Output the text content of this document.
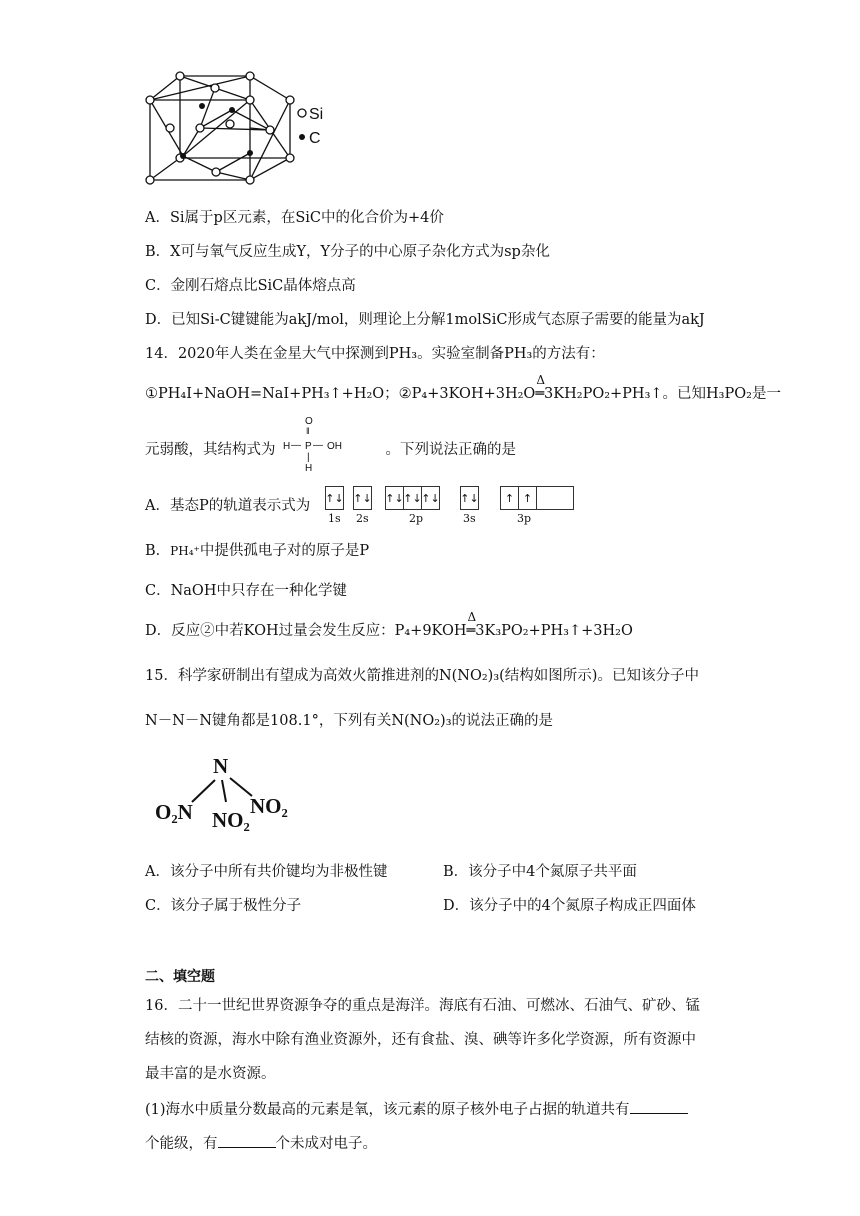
Si
C
A．Si属于p区元素，在SiC中的化合价为+4价
B．X可与氧气反应生成Y，Y分子的中心原子杂化方式为sp杂化
C．金刚石熔点比SiC晶体熔点高
D．已知Si-C键键能为akJ/mol，则理论上分解1molSiC形成气态原子需要的能量为akJ
14．2020年人类在金星大气中探测到PH₃。实验室制备PH₃的方法有：
①PH₄I+NaOH=NaI+PH₃↑+H₂O；②P₄+3KOH+3H₂O
Δ
═3KH₂PO₂+PH₃↑。已知H₃PO₂是一
元弱酸，其结构式为	。下列说法正确的是
O
‖
H — P — OH
|
H
A．基态P的轨道表示式为 ↑↓ ↑↓ ↑↓ ↑↓ ↑↓ ↑↓	↑ ↑
1s 2s	2p	3s	3p
B．PH₄⁺中提供孤电子对的原子是P
C．NaOH中只存在一种化学键
D．反应②中若KOH过量会发生反应：P₄+9KOH
Δ
═3K₃PO₂+PH₃↑+3H₂O
15．科学家研制出有望成为高效火箭推进剂的N(NO₂)₃(结构如图所示)。已知该分子中
N－N－N键角都是108.1°，下列有关N(NO₂)₃的说法正确的是
N
O₂N NO₂
NO₂
A．该分子中所有共价键均为非极性键	B．该分子中4个氮原子共平面
C．该分子属于极性分子	D．该分子中的4个氮原子构成正四面体
二、填空题
16．二十一世纪世界资源争夺的重点是海洋。海底有石油、可燃冰、石油气、矿砂、锰
结核的资源，海水中除有渔业资源外，还有食盐、溴、碘等许多化学资源，所有资源中
最丰富的是水资源。
(1)海水中质量分数最高的元素是氧，该元素的原子核外电子占据的轨道共有
个能级，有	个未成对电子。
